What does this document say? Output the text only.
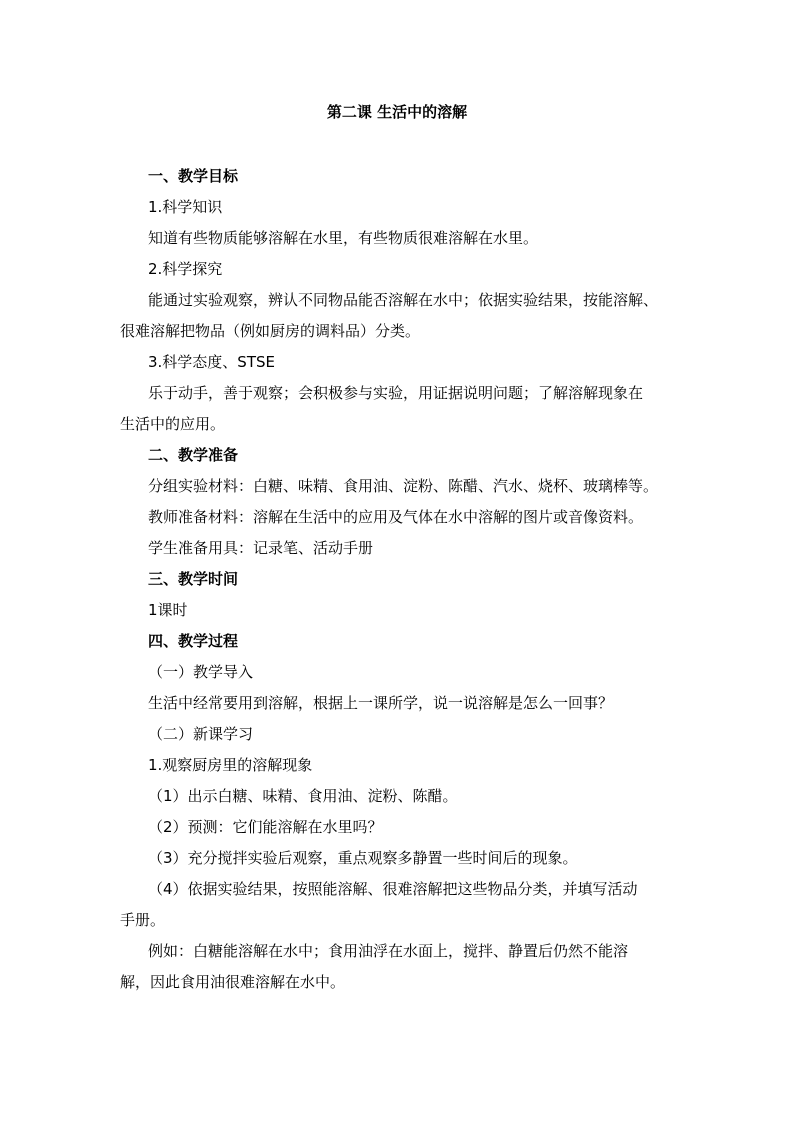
第二课 生活中的溶解
一、教学目标
1.科学知识
知道有些物质能够溶解在水里，有些物质很难溶解在水里。
2.科学探究
能通过实验观察，辨认不同物品能否溶解在水中；依据实验结果，按能溶解、
很难溶解把物品（例如厨房的调料品）分类。
3.科学态度、STSE
乐于动手，善于观察；会积极参与实验，用证据说明问题；了解溶解现象在
生活中的应用。
二、教学准备
分组实验材料：白糖、味精、食用油、淀粉、陈醋、汽水、烧杯、玻璃棒等。
教师准备材料：溶解在生活中的应用及气体在水中溶解的图片或音像资料。
学生准备用具：记录笔、活动手册
三、教学时间
1课时
四、教学过程
（一）教学导入
生活中经常要用到溶解，根据上一课所学，说一说溶解是怎么一回事？
（二）新课学习
1.观察厨房里的溶解现象
（1）出示白糖、味精、食用油、淀粉、陈醋。
（2）预测：它们能溶解在水里吗？
（3）充分搅拌实验后观察，重点观察多静置一些时间后的现象。
（4）依据实验结果，按照能溶解、很难溶解把这些物品分类，并填写活动
手册。
例如：白糖能溶解在水中；食用油浮在水面上，搅拌、静置后仍然不能溶
解，因此食用油很难溶解在水中。
